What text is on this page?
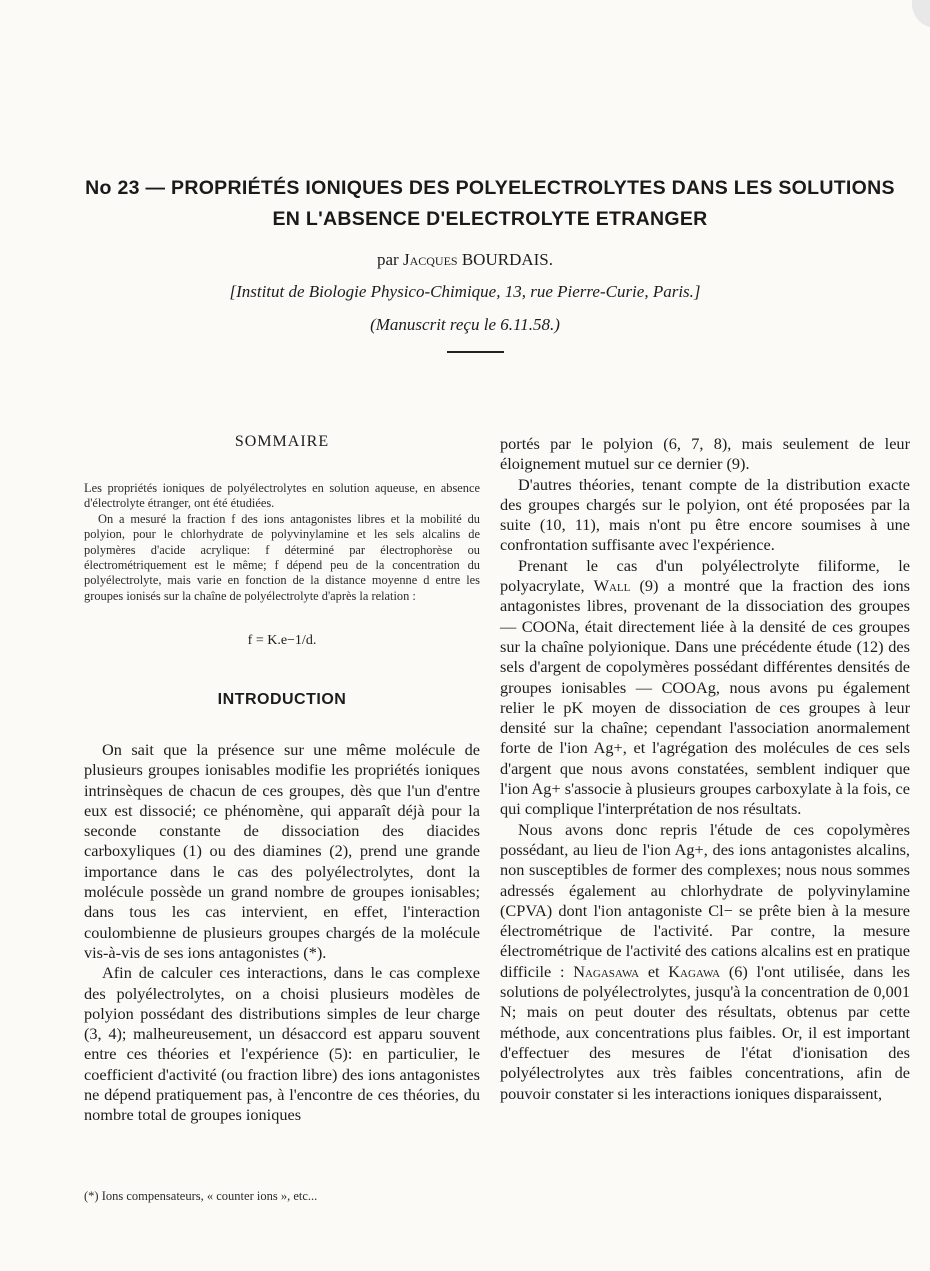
No 23 — PROPRIÉTÉS IONIQUES DES POLYELECTROLYTES DANS LES SOLUTIONS
EN L'ABSENCE D'ELECTROLYTE ETRANGER
par Jacques BOURDAIS.
[Institut de Biologie Physico-Chimique, 13, rue Pierre-Curie, Paris.]
(Manuscrit reçu le 6.11.58.)
SOMMAIRE

Les propriétés ioniques de polyélectrolytes en solution aqueuse, en absence d'électrolyte étranger, ont été étudiées.

On a mesuré la fraction f des ions antagonistes libres et la mobilité du polyion, pour le chlorhydrate de polyvinylamine et les sels alcalins de polymères d'acide acrylique: f déterminé par électrophorèse ou électrométriquement est le même; f dépend peu de la concentration du polyélectrolyte, mais varie en fonction de la distance moyenne d entre les groupes ionisés sur la chaîne de polyélectrolyte d'après la relation :

f = K.e−1/d.
INTRODUCTION

On sait que la présence sur une même molécule de plusieurs groupes ionisables modifie les propriétés ioniques intrinsèques de chacun de ces groupes, dès que l'un d'entre eux est dissocié; ce phénomène, qui apparaît déjà pour la seconde constante de dissociation des diacides carboxyliques (1) ou des diamines (2), prend une grande importance dans le cas des polyélectrolytes, dont la molécule possède un grand nombre de groupes ionisables; dans tous les cas intervient, en effet, l'interaction coulombienne de plusieurs groupes chargés de la molécule vis-à-vis de ses ions antagonistes (*).

Afin de calculer ces interactions, dans le cas complexe des polyélectrolytes, on a choisi plusieurs modèles de polyion possédant des distributions simples de leur charge (3, 4); malheureusement, un désaccord est apparu souvent entre ces théories et l'expérience (5): en particulier, le coefficient d'activité (ou fraction libre) des ions antagonistes ne dépend pratiquement pas, à l'encontre de ces théories, du nombre total de groupes ioniques

portés par le polyion (6, 7, 8), mais seulement de leur éloignement mutuel sur ce dernier (9).

D'autres théories, tenant compte de la distribution exacte des groupes chargés sur le polyion, ont été proposées par la suite (10, 11), mais n'ont pu être encore soumises à une confrontation suffisante avec l'expérience.

Prenant le cas d'un polyélectrolyte filiforme, le polyacrylate, Wall (9) a montré que la fraction des ions antagonistes libres, provenant de la dissociation des groupes — COONa, était directement liée à la densité de ces groupes sur la chaîne polyionique. Dans une précédente étude (12) des sels d'argent de copolymères possédant différentes densités de groupes ionisables — COOAg, nous avons pu également relier le pK moyen de dissociation de ces groupes à leur densité sur la chaîne; cependant l'association anormalement forte de l'ion Ag+, et l'agrégation des molécules de ces sels d'argent que nous avons constatées, semblent indiquer que l'ion Ag+ s'associe à plusieurs groupes carboxylate à la fois, ce qui complique l'interprétation de nos résultats.

Nous avons donc repris l'étude de ces copolymères possédant, au lieu de l'ion Ag+, des ions antagonistes alcalins, non susceptibles de former des complexes; nous nous sommes adressés également au chlorhydrate de polyvinylamine (CPVA) dont l'ion antagoniste Cl− se prête bien à la mesure électrométrique de l'activité. Par contre, la mesure électrométrique de l'activité des cations alcalins est en pratique difficile : Nagasawa et Kagawa (6) l'ont utilisée, dans les solutions de polyélectrolytes, jusqu'à la concentration de 0,001 N; mais on peut douter des résultats, obtenus par cette méthode, aux concentrations plus faibles. Or, il est important d'effectuer des mesures de l'état d'ionisation des polyélectrolytes aux très faibles concentrations, afin de pouvoir constater si les interactions ioniques disparaissent,

(*) Ions compensateurs, « counter ions », etc...
